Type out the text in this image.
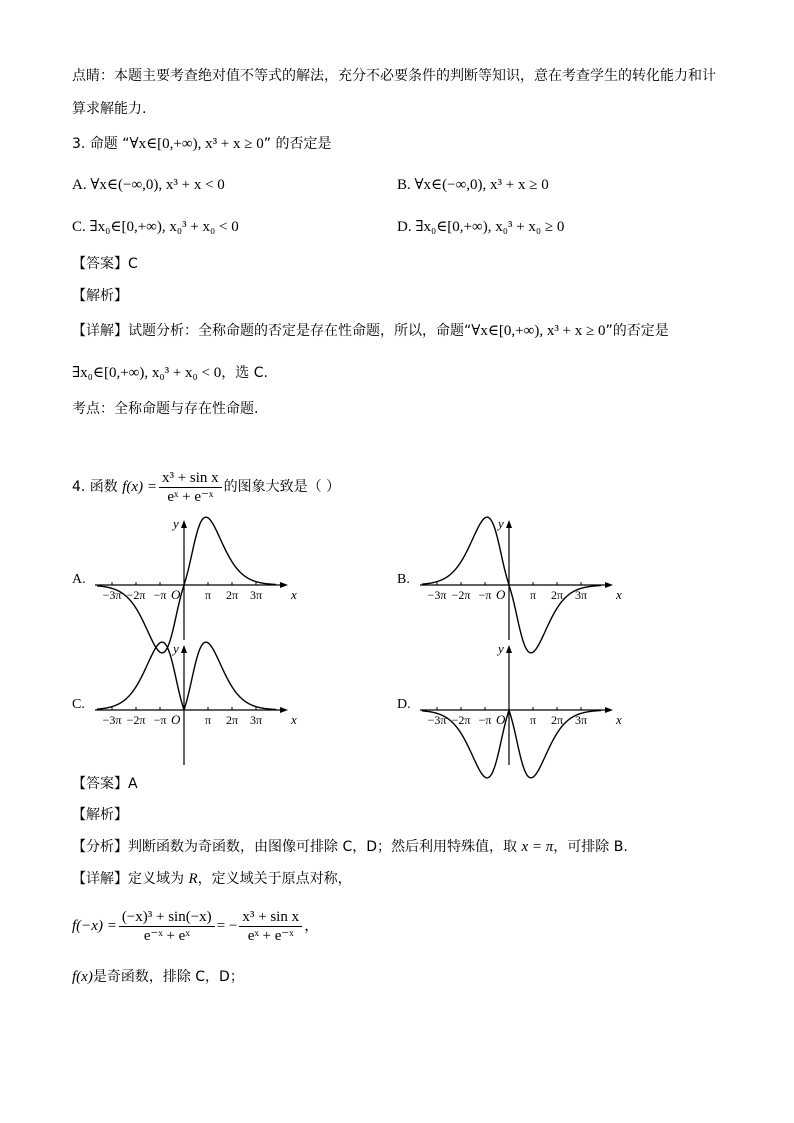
点睛：本题主要考查绝对值不等式的解法，充分不必要条件的判断等知识，意在考查学生的转化能力和计
算求解能力.
3. 命题 “∀x∈[0,+∞), x³ + x ≥ 0” 的否定是
A. ∀x∈(−∞,0), x³ + x < 0	B. ∀x∈(−∞,0), x³ + x ≥ 0
C. ∃x₀∈[0,+∞), x₀³ + x₀ < 0	D. ∃x₀∈[0,+∞), x₀³ + x₀ ≥ 0
【答案】C
【解析】
【详解】试题分析：全称命题的否定是存在性命题，所以，命题“∀x∈[0,+∞), x³ + x ≥ 0”的否定是
∃x₀∈[0,+∞), x₀³ + x₀ < 0，选 C.
考点：全称命题与存在性命题.
4. 函数 $f(x) = \frac{\text{x³ + sin x}}{\text{eˣ + e⁻ˣ}}$ 的图象大致是（ ）
A.	B.
C.	D.
y
x
O
−3π −2π −π	π 2π 3π
y
x
O
−3π −2π −π	π 2π 3π
y
x
O
−3π −2π −π	π 2π 3π
y
x
O
−3π −2π −π	π 2π 3π
【答案】A
【解析】
【分析】判断函数为奇函数，由图像可排除 C，D；然后利用特殊值，取 x = π，可排除 B.
【详解】定义域为 R，定义域关于原点对称，
$f(-x) = \frac{\text{(−x)³ + sin(−x)}}{\text{e⁻ˣ + eˣ}}$ = − $\frac{\text{x³ + sin x}}{\text{eˣ + e⁻ˣ}}$ ，
f(x)是奇函数，排除 C，D；
